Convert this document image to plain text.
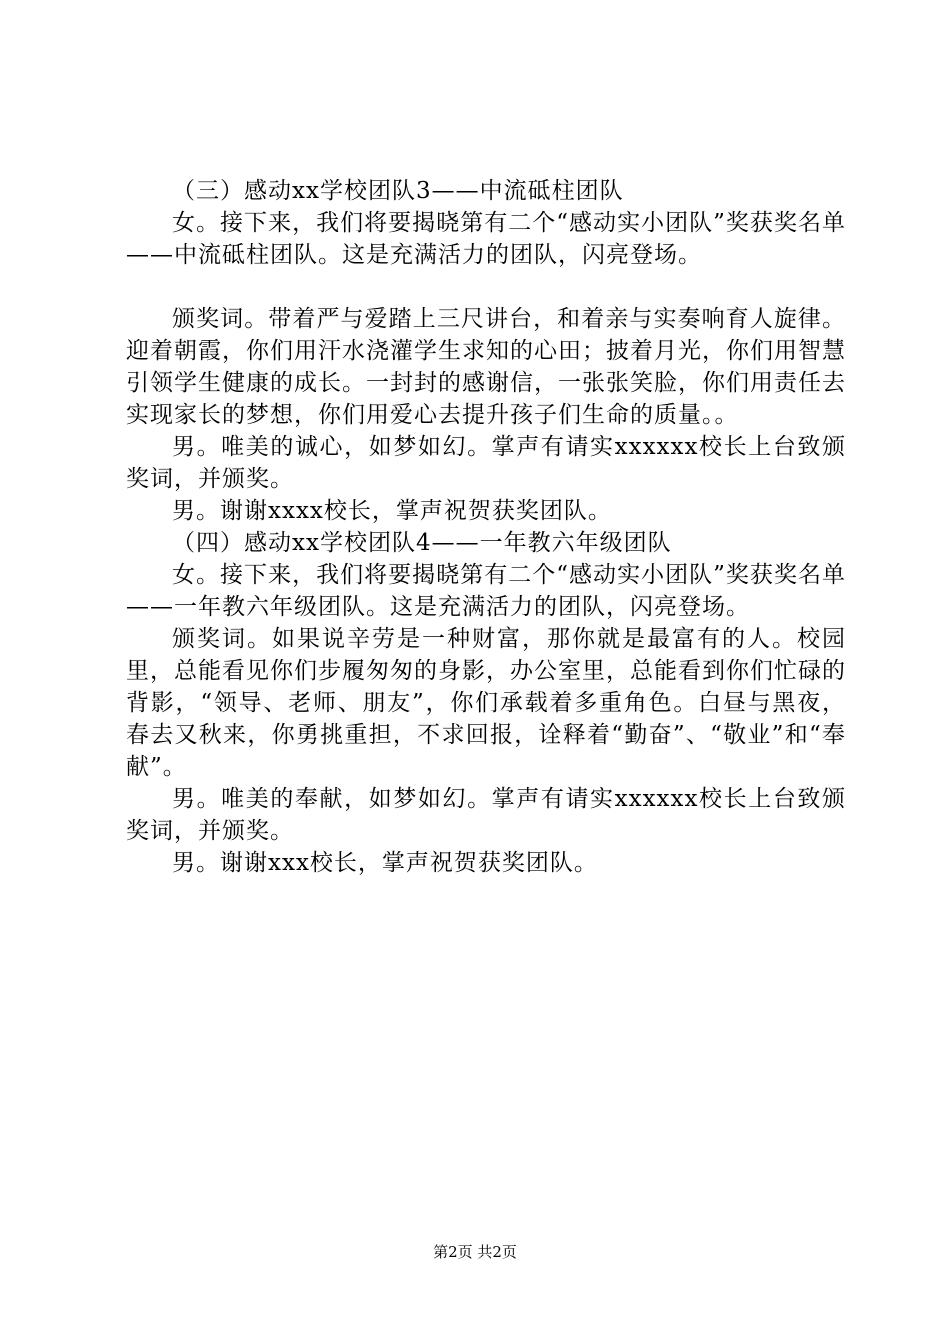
（三）感动xx学校团队3——中流砥柱团队

女。接下来，我们将要揭晓第有二个“感动实小团队”奖获奖名单——中流砥柱团队。这是充满活力的团队，闪亮登场。

颁奖词。带着严与爱踏上三尺讲台，和着亲与实奏响育人旋律。迎着朝霞，你们用汗水浇灌学生求知的心田；披着月光，你们用智慧引领学生健康的成长。一封封的感谢信，一张张笑脸，你们用责任去实现家长的梦想，你们用爱心去提升孩子们生命的质量。。

男。唯美的诚心，如梦如幻。掌声有请实xxxxxx校长上台致颁奖词，并颁奖。

男。谢谢xxxx校长，掌声祝贺获奖团队。

（四）感动xx学校团队4——一年教六年级团队

女。接下来，我们将要揭晓第有二个“感动实小团队”奖获奖名单——一年教六年级团队。这是充满活力的团队，闪亮登场。

颁奖词。如果说辛劳是一种财富，那你就是最富有的人。校园里，总能看见你们步履匆匆的身影，办公室里，总能看到你们忙碌的背影，“领导、老师、朋友”，你们承载着多重角色。白昼与黑夜，春去又秋来，你勇挑重担，不求回报，诠释着“勤奋”、“敬业”和“奉献”。

男。唯美的奉献，如梦如幻。掌声有请实xxxxxx校长上台致颁奖词，并颁奖。

男。谢谢xxx校长，掌声祝贺获奖团队。

第2页 共2页
